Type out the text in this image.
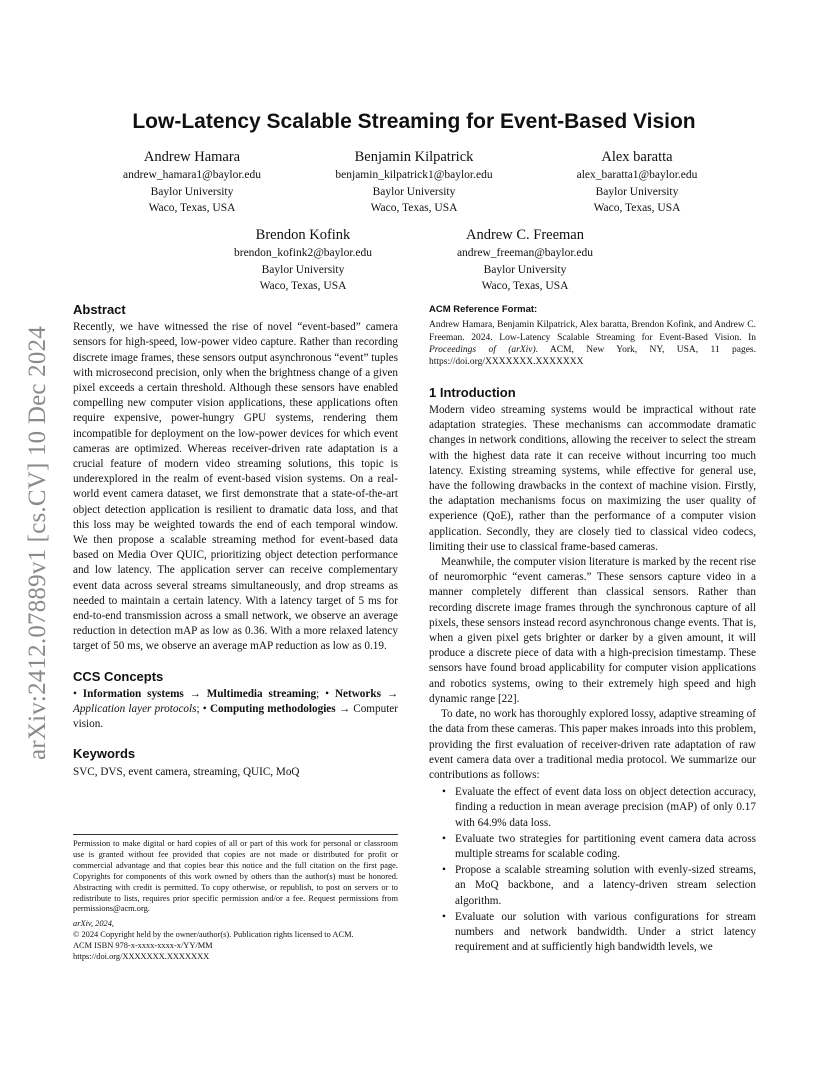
arXiv:2412.07889v1 [cs.CV] 10 Dec 2024
Low-Latency Scalable Streaming for Event-Based Vision
Andrew Hamara
andrew_hamara1@baylor.edu
Baylor University
Waco, Texas, USA
Benjamin Kilpatrick
benjamin_kilpatrick1@baylor.edu
Baylor University
Waco, Texas, USA
Alex baratta
alex_baratta1@baylor.edu
Baylor University
Waco, Texas, USA
Brendon Kofink
brendon_kofink2@baylor.edu
Baylor University
Waco, Texas, USA
Andrew C. Freeman
andrew_freeman@baylor.edu
Baylor University
Waco, Texas, USA
Abstract

Recently, we have witnessed the rise of novel “event-based” camera sensors for high-speed, low-power video capture. Rather than recording discrete image frames, these sensors output asynchronous “event” tuples with microsecond precision, only when the brightness change of a given pixel exceeds a certain threshold. Although these sensors have enabled compelling new computer vision applications, these applications often require expensive, power-hungry GPU systems, rendering them incompatible for deployment on the low-power devices for which event cameras are optimized. Whereas receiver-driven rate adaptation is a crucial feature of modern video streaming solutions, this topic is underexplored in the realm of event-based vision systems. On a real-world event camera dataset, we first demonstrate that a state-of-the-art object detection application is resilient to dramatic data loss, and that this loss may be weighted towards the end of each temporal window. We then propose a scalable streaming method for event-based data based on Media Over QUIC, prioritizing object detection performance and low latency. The application server can receive complementary event data across several streams simultaneously, and drop streams as needed to maintain a certain latency. With a latency target of 5 ms for end-to-end transmission across a small network, we observe an average reduction in detection mAP as low as 0.36. With a more relaxed latency target of 50 ms, we observe an average mAP reduction as low as 0.19.

CCS Concepts

• Information systems → Multimedia streaming; • Networks → Application layer protocols; • Computing methodologies → Computer vision.

Keywords

SVC, DVS, event camera, streaming, QUIC, MoQ

Permission to make digital or hard copies of all or part of this work for personal or classroom use is granted without fee provided that copies are not made or distributed for profit or commercial advantage and that copies bear this notice and the full citation on the first page. Copyrights for components of this work owned by others than the author(s) must be honored. Abstracting with credit is permitted. To copy otherwise, or republish, to post on servers or to redistribute to lists, requires prior specific permission and/or a fee. Request permissions from permissions@acm.org.

arXiv, 2024,

© 2024 Copyright held by the owner/author(s). Publication rights licensed to ACM.

ACM ISBN 978-x-xxxx-xxxx-x/YY/MM

https://doi.org/XXXXXXX.XXXXXXX

ACM Reference Format:

Andrew Hamara, Benjamin Kilpatrick, Alex baratta, Brendon Kofink, and Andrew C. Freeman. 2024. Low-Latency Scalable Streaming for Event-Based Vision. In Proceedings of (arXiv). ACM, New York, NY, USA, 11 pages. https://doi.org/XXXXXXX.XXXXXXX

1 Introduction

Modern video streaming systems would be impractical without rate adaptation strategies. These mechanisms can accommodate dramatic changes in network conditions, allowing the receiver to select the stream with the highest data rate it can receive without incurring too much latency. Existing streaming systems, while effective for general use, have the following drawbacks in the context of machine vision. Firstly, the adaptation mechanisms focus on maximizing the user quality of experience (QoE), rather than the performance of a computer vision application. Secondly, they are closely tied to classical video codecs, limiting their use to classical frame-based cameras.

Meanwhile, the computer vision literature is marked by the recent rise of neuromorphic “event cameras.” These sensors capture video in a manner completely different than classical sensors. Rather than recording discrete image frames through the synchronous capture of all pixels, these sensors instead record asynchronous change events. That is, when a given pixel gets brighter or darker by a given amount, it will produce a discrete piece of data with a high-precision timestamp. These sensors have found broad applicability for computer vision applications and robotics systems, owing to their extremely high speed and high dynamic range [22].

To date, no work has thoroughly explored lossy, adaptive streaming of the data from these cameras. This paper makes inroads into this problem, providing the first evaluation of receiver-driven rate adaptation of raw event camera data over a traditional media protocol. We summarize our contributions as follows:

• Evaluate the effect of event data loss on object detection accuracy, finding a reduction in mean average precision (mAP) of only 0.17 with 64.9% data loss.
• Evaluate two strategies for partitioning event camera data across multiple streams for scalable coding.
• Propose a scalable streaming solution with evenly-sized streams, an MoQ backbone, and a latency-driven stream selection algorithm.
• Evaluate our solution with various configurations for stream numbers and network bandwidth. Under a strict latency requirement and at sufficiently high bandwidth levels, we
